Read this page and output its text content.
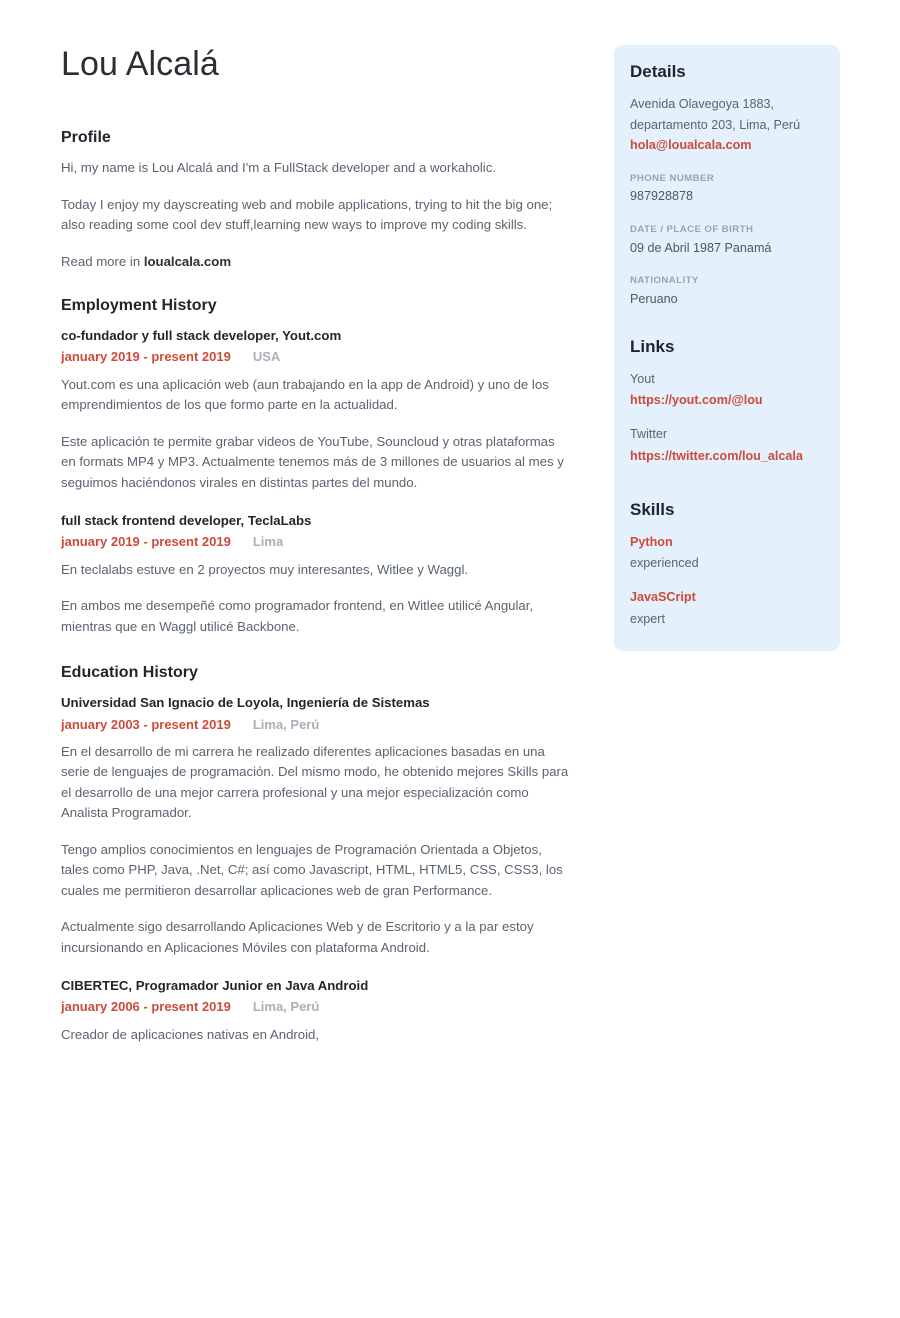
Lou Alcalá
Profile

Hi, my name is Lou Alcalá and I'm a FullStack developer and a workaholic.

Today I enjoy my dayscreating web and mobile applications, trying to hit the big one; also reading some cool dev stuff,learning new ways to improve my coding skills.

Read more in loualcala.com

Employment History
co-fundador y full stack developer, Yout.com
january 2019 - present 2019 USA

Yout.com es una aplicación web (aun trabajando en la app de Android) y uno de los emprendimientos de los que formo parte en la actualidad.

Este aplicación te permite grabar videos de YouTube, Souncloud y otras plataformas en formats MP4 y MP3. Actualmente tenemos más de 3 millones de usuarios al mes y seguimos haciéndonos virales en distintas partes del mundo.

full stack frontend developer, TeclaLabs
january 2019 - present 2019 Lima

En teclalabs estuve en 2 proyectos muy interesantes, Witlee y Waggl.

En ambos me desempeñé como programador frontend, en Witlee utilicé Angular, mientras que en Waggl utilicé Backbone.

Education History
Universidad San Ignacio de Loyola, Ingeniería de Sistemas
january 2003 - present 2019 Lima, Perú

En el desarrollo de mi carrera he realizado diferentes aplicaciones basadas en una serie de lenguajes de programación. Del mismo modo, he obtenido mejores Skills para el desarrollo de una mejor carrera profesional y una mejor especialización como Analista Programador.

Tengo amplios conocimientos en lenguajes de Programación Orientada a Objetos, tales como PHP, Java, .Net, C#; así como Javascript, HTML, HTML5, CSS, CSS3, los cuales me permitieron desarrollar aplicaciones web de gran Performance.

Actualmente sigo desarrollando Aplicaciones Web y de Escritorio y a la par estoy incursionando en Aplicaciones Móviles con plataforma Android.

CIBERTEC, Programador Junior en Java Android
january 2006 - present 2019 Lima, Perú

Creador de aplicaciones nativas en Android,

Details

Avenida Olavegoya 1883,

departamento 203, Lima, Perú

hola@loualcala.com

PHONE NUMBER

987928878

DATE / PLACE OF BIRTH

09 de Abril 1987 Panamá

NATIONALITY

Peruano

Links

Yout

https://yout.com/@lou

Twitter

https://twitter.com/lou_alcala
Skills

Python

experienced

JavaSCript

expert
